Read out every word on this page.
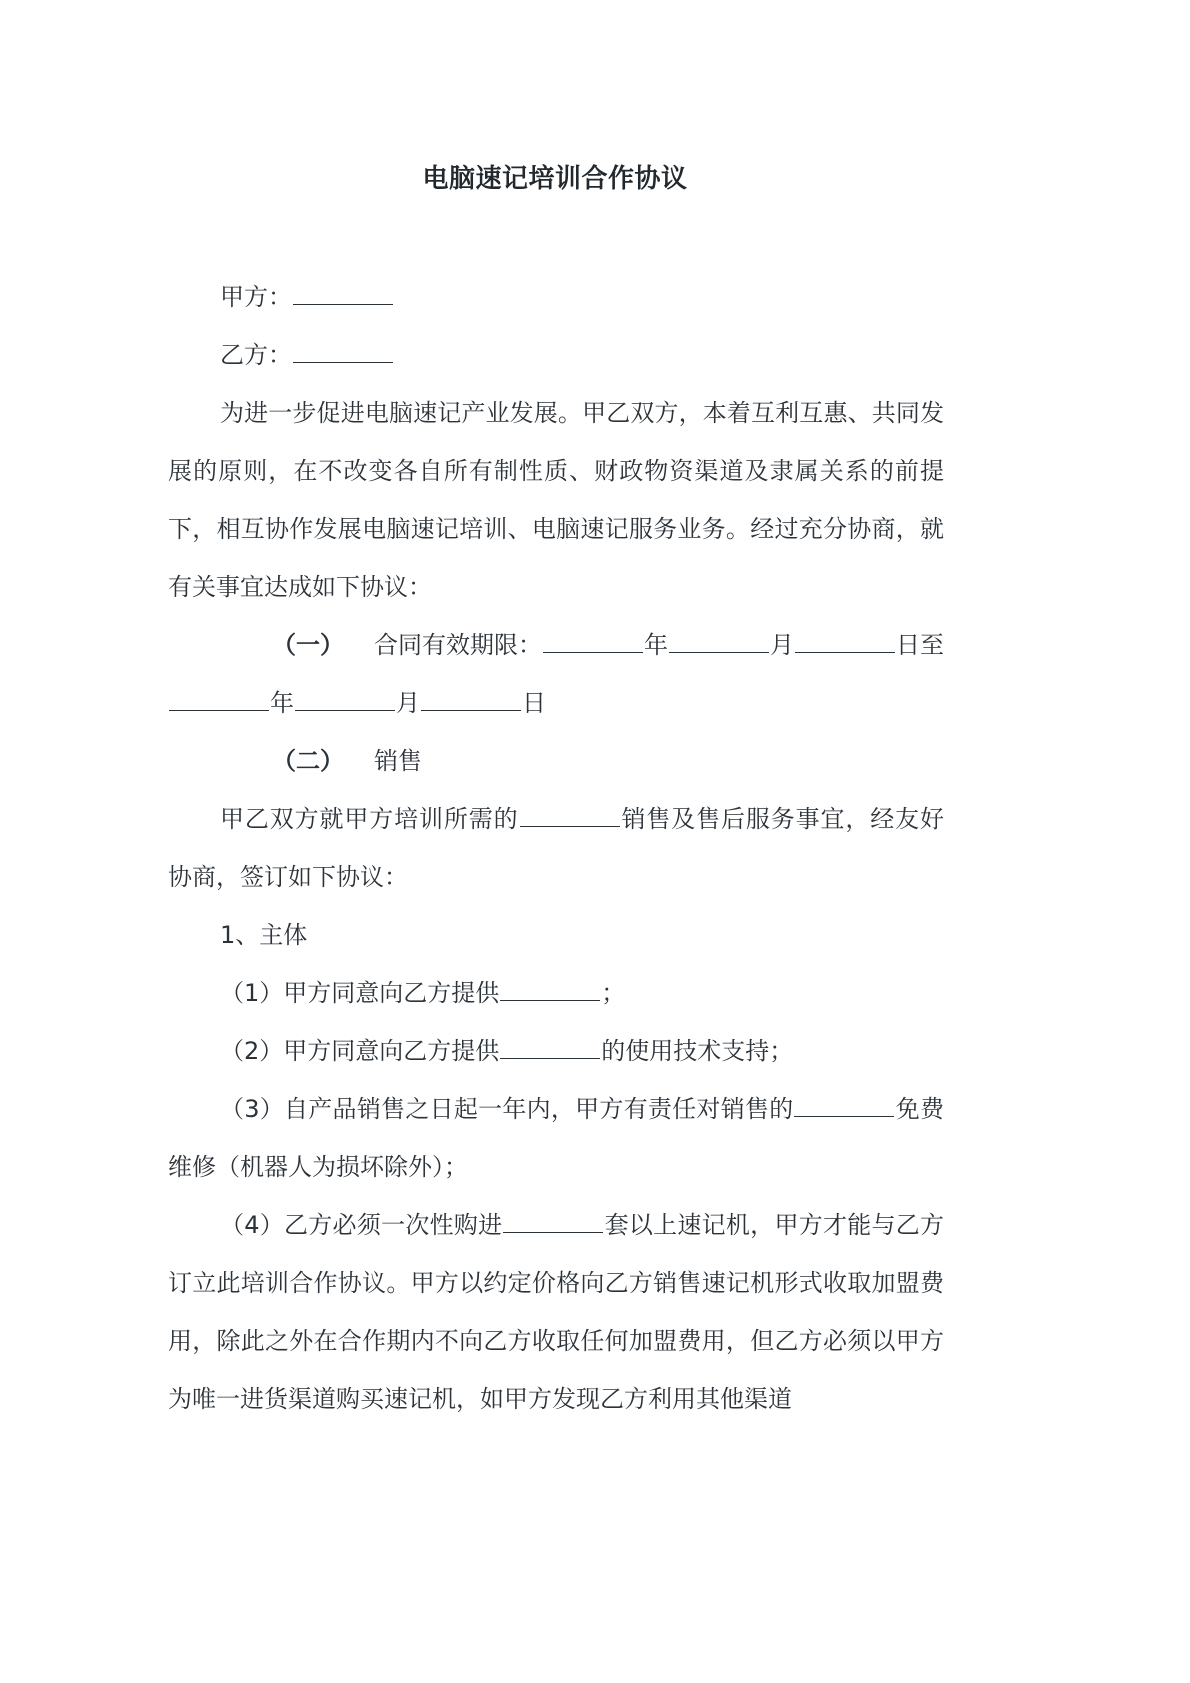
电脑速记培训合作协议

甲方：

乙方：

为进一步促进电脑速记产业发展。甲乙双方，本着互利互惠、共同发展的原则，在不改变各自所有制性质、财政物资渠道及隶属关系的前提下，相互协作发展电脑速记培训、电脑速记服务业务。经过充分协商，就有关事宜达成如下协议：

（一） 合同有效期限：	年	月	日至年	月	日

（二） 销售

甲乙双方就甲方培训所需的	销售及售后服务事宜，经友好协商，签订如下协议：

1、主体

（1）甲方同意向乙方提供	；

（2）甲方同意向乙方提供	的使用技术支持；

（3）自产品销售之日起一年内，甲方有责任对销售的	免费维修（机器人为损坏除外）；

（4）乙方必须一次性购进	套以上速记机，甲方才能与乙方订立此培训合作协议。甲方以约定价格向乙方销售速记机形式收取加盟费用，除此之外在合作期内不向乙方收取任何加盟费用，但乙方必须以甲方为唯一进货渠道购买速记机，如甲方发现乙方利用其他渠道
